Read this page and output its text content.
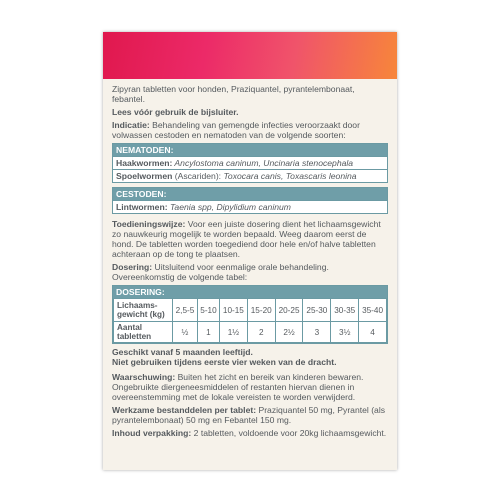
Zipyran tabletten voor honden, Praziquantel, pyrantelembonaat, febantel.

Lees vóór gebruik de bijsluiter.

Indicatie: Behandeling van gemengde infecties veroorzaakt door volwassen cestoden en nematoden van de volgende soorten:

NEMATODEN:
Haakwormen: Ancylostoma caninum, Uncinaria stenocephala
Spoelwormen (Ascariden): Toxocara canis, Toxascaris leonina
CESTODEN:
Lintwormen: Taenia spp, Dipylidium caninum

Toedieningswijze: Voor een juiste dosering dient het lichaamsgewicht zo nauwkeurig mogelijk te worden bepaald. Weeg daarom eerst de hond. De tabletten worden toegediend door hele en/of halve tabletten achteraan op de tong te plaatsen.

Dosering: Uitsluitend voor eenmalige orale behandeling. Overeenkomstig de volgende tabel:

DOSERING:
Lichaams-gewicht (kg)	2,5-5	5-10	10-15	15-20	20-25	25-30	30-35	35-40
Aantal tabletten	½	1	1½	2	2½	3	3½	4

Geschikt vanaf 5 maanden leeftijd.

Niet gebruiken tijdens eerste vier weken van de dracht.

Waarschuwing: Buiten het zicht en bereik van kinderen bewaren. Ongebruikte diergeneesmiddelen of restanten hiervan dienen in overeenstemming met de lokale vereisten te worden verwijderd.

Werkzame bestanddelen per tablet: Praziquantel 50 mg, Pyrantel (als pyrantelembonaat) 50 mg en Febantel 150 mg.

Inhoud verpakking: 2 tabletten, voldoende voor 20kg lichaamsgewicht.
